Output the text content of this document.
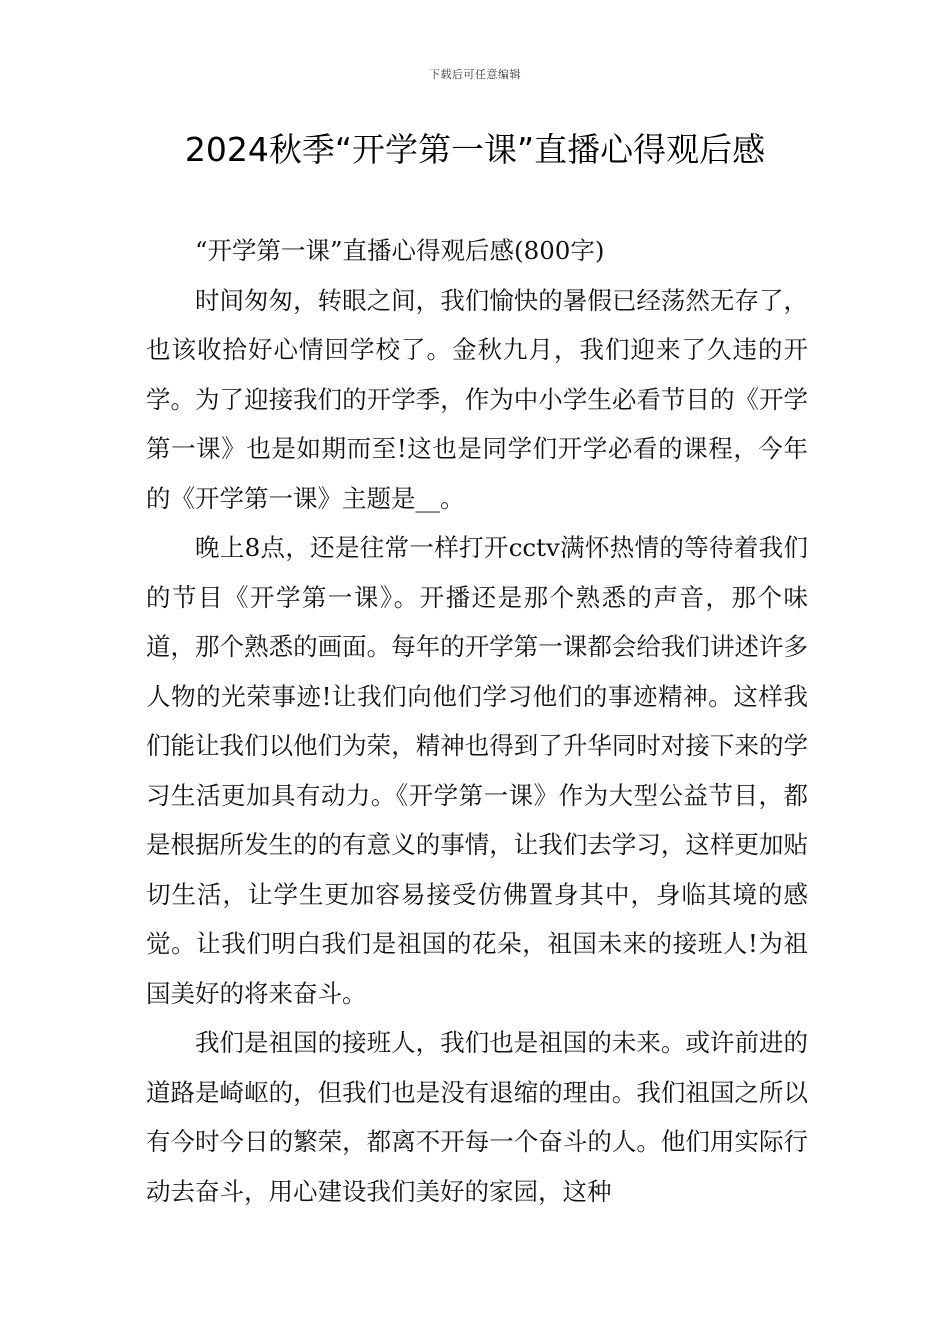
下载后可任意编辑
2024秋季“开学第一课”直播心得观后感

“开学第一课”直播心得观后感(800字)

时间匆匆，转眼之间，我们愉快的暑假已经荡然无存了，也该收拾好心情回学校了。金秋九月，我们迎来了久违的开学。为了迎接我们的开学季，作为中小学生必看节目的《开学第一课》也是如期而至!这也是同学们开学必看的课程，今年的《开学第一课》主题是__。

晚上8点，还是往常一样打开cctv满怀热情的等待着我们的节目《开学第一课》。开播还是那个熟悉的声音，那个味道，那个熟悉的画面。每年的开学第一课都会给我们讲述许多人物的光荣事迹!让我们向他们学习他们的事迹精神。这样我们能让我们以他们为荣，精神也得到了升华同时对接下来的学习生活更加具有动力。《开学第一课》作为大型公益节目，都是根据所发生的的有意义的事情，让我们去学习，这样更加贴切生活，让学生更加容易接受仿佛置身其中，身临其境的感觉。让我们明白我们是祖国的花朵，祖国未来的接班人!为祖国美好的将来奋斗。

我们是祖国的接班人，我们也是祖国的未来。或许前进的道路是崎岖的，但我们也是没有退缩的理由。我们祖国之所以有今时今日的繁荣，都离不开每一个奋斗的人。他们用实际行动去奋斗，用心建设我们美好的家园，这种
